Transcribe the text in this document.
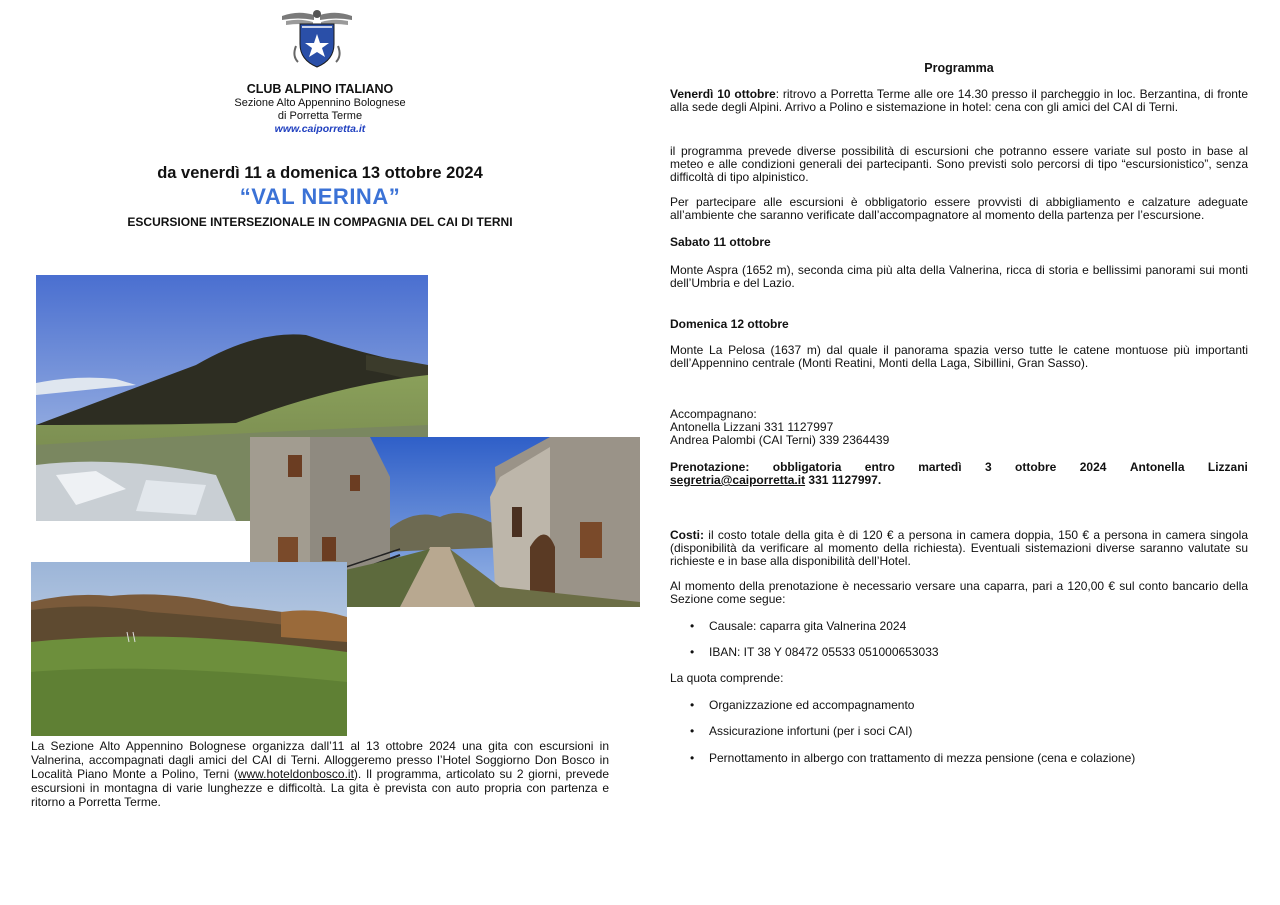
CLUB ALPINO ITALIANO
Sezione Alto Appennino Bolognese
di Porretta Terme
www.caiporretta.it
da venerdì 11 a domenica 13 ottobre 2024
“VAL NERINA”
ESCURSIONE INTERSEZIONALE IN COMPAGNIA DEL CAI DI TERNI
La Sezione Alto Appennino Bolognese organizza dall’11 al 13 ottobre 2024 una gita con escursioni in Valnerina, accompagnati dagli amici del CAI di Terni. Alloggeremo presso l’Hotel Soggiorno Don Bosco in Località Piano Monte a Polino, Terni (www.hoteldonbosco.it). Il programma, articolato su 2 giorni, prevede escursioni in montagna di varie lunghezze e difficoltà. La gita è prevista con auto propria con partenza e ritorno a Porretta Terme.
Programma
Venerdì 10 ottobre: ritrovo a Porretta Terme alle ore 14.30 presso il parcheggio in loc. Berzantina, di fronte alla sede degli Alpini. Arrivo a Polino e sistemazione in hotel: cena con gli amici del CAI di Terni.
il programma prevede diverse possibilità di escursioni che potranno essere variate sul posto in base al meteo e alle condizioni generali dei partecipanti. Sono previsti solo percorsi di tipo “escursionistico”, senza difficoltà di tipo alpinistico.
Per partecipare alle escursioni è obbligatorio essere provvisti di abbigliamento e calzature adeguate all’ambiente che saranno verificate dall’accompagnatore al momento della partenza per l’escursione.
Sabato 11 ottobre
Monte Aspra (1652 m), seconda cima più alta della Valnerina, ricca di storia e bellissimi panorami sui monti dell’Umbria e del Lazio.
Domenica 12 ottobre
Monte La Pelosa (1637 m) dal quale il panorama spazia verso tutte le catene montuose più importanti dell’Appennino centrale (Monti Reatini, Monti della Laga, Sibillini, Gran Sasso).
Accompagnano:
Antonella Lizzani 331 1127997
Andrea Palombi (CAI Terni) 339 2364439
Prenotazione: obbligatoria entro martedì 3 ottobre 2024 Antonella Lizzani
segretria@caiporretta.it 331 1127997.
Costi: il costo totale della gita è di 120 € a persona in camera doppia, 150 € a persona in camera singola (disponibilità da verificare al momento della richiesta). Eventuali sistemazioni diverse saranno valutate su richieste e in base alla disponibilità dell’Hotel.
Al momento della prenotazione è necessario versare una caparra, pari a 120,00 € sul conto bancario della Sezione come segue:
• Causale: caparra gita Valnerina 2024
• IBAN: IT 38 Y 08472 05533 051000653033
La quota comprende:
• Organizzazione ed accompagnamento
• Assicurazione infortuni (per i soci CAI)
• Pernottamento in albergo con trattamento di mezza pensione (cena e colazione)
